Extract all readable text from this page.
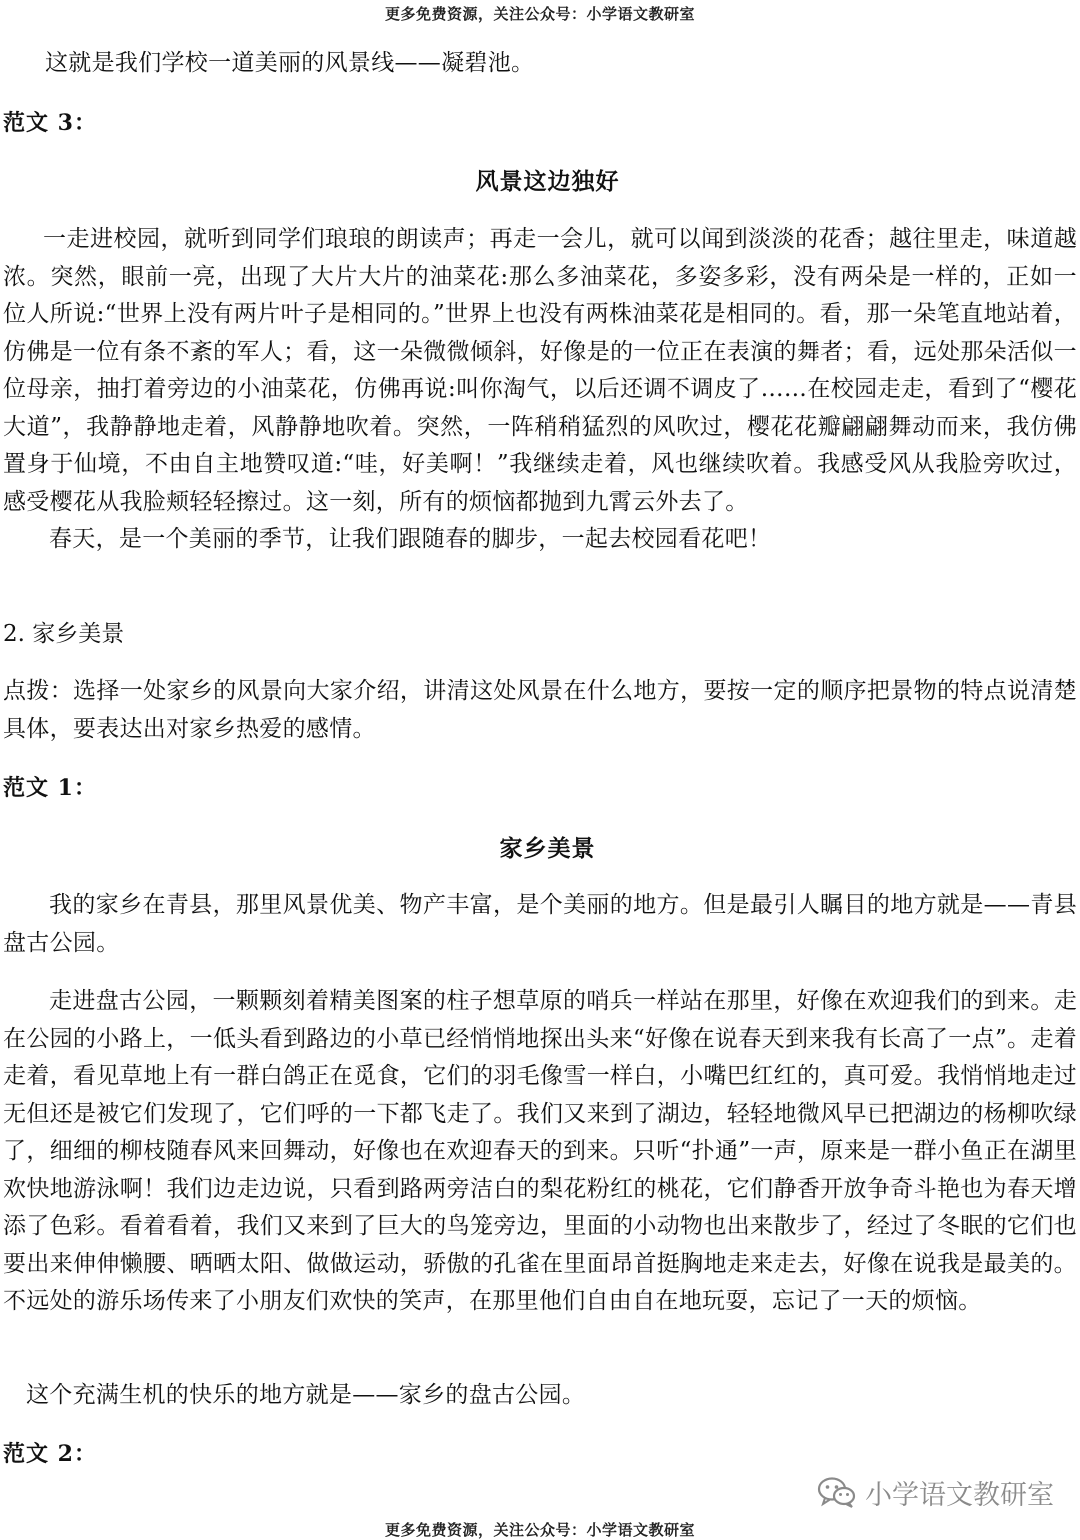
更多免费资源，关注公众号：小学语文教研室

这就是我们学校一道美丽的风景线——凝碧池。

范文 3：
风景这边独好

一走进校园，就听到同学们琅琅的朗读声；再走一会儿，就可以闻到淡淡的花香；越往里走，味道越浓。突然，眼前一亮，出现了大片大片的油菜花:那么多油菜花，多姿多彩，没有两朵是一样的，正如一位人所说:“世界上没有两片叶子是相同的。”世界上也没有两株油菜花是相同的。看，那一朵笔直地站着，仿佛是一位有条不紊的军人；看，这一朵微微倾斜，好像是的一位正在表演的舞者；看，远处那朵活似一位母亲，抽打着旁边的小油菜花，仿佛再说:叫你淘气，以后还调不调皮了……在校园走走，看到了“樱花大道”，我静静地走着，风静静地吹着。突然，一阵稍稍猛烈的风吹过，樱花花瓣翩翩舞动而来，我仿佛置身于仙境，不由自主地赞叹道:“哇，好美啊！”我继续走着，风也继续吹着。我感受风从我脸旁吹过，感受樱花从我脸颊轻轻擦过。这一刻，所有的烦恼都抛到九霄云外去了。

春天，是一个美丽的季节，让我们跟随春的脚步，一起去校园看花吧！

2. 家乡美景

点拨：选择一处家乡的风景向大家介绍，讲清这处风景在什么地方，要按一定的顺序把景物的特点说清楚具体，要表达出对家乡热爱的感情。

范文 1：
家乡美景

我的家乡在青县，那里风景优美、物产丰富，是个美丽的地方。但是最引人瞩目的地方就是——青县盘古公园。

走进盘古公园，一颗颗刻着精美图案的柱子想草原的哨兵一样站在那里，好像在欢迎我们的到来。走在公园的小路上，一低头看到路边的小草已经悄悄地探出头来“好像在说春天到来我有长高了一点”。走着走着，看见草地上有一群白鸽正在觅食，它们的羽毛像雪一样白，小嘴巴红红的，真可爱。我悄悄地走过无但还是被它们发现了，它们呼的一下都飞走了。我们又来到了湖边，轻轻地微风早已把湖边的杨柳吹绿了，细细的柳枝随春风来回舞动，好像也在欢迎春天的到来。只听“扑通”一声，原来是一群小鱼正在湖里欢快地游泳啊！我们边走边说，只看到路两旁洁白的梨花粉红的桃花，它们静香开放争奇斗艳也为春天增添了色彩。看着看着，我们又来到了巨大的鸟笼旁边，里面的小动物也出来散步了，经过了冬眠的它们也要出来伸伸懒腰、晒晒太阳、做做运动，骄傲的孔雀在里面昂首挺胸地走来走去，好像在说我是最美的。不远处的游乐场传来了小朋友们欢快的笑声，在那里他们自由自在地玩耍，忘记了一天的烦恼。

这个充满生机的快乐的地方就是——家乡的盘古公园。

范文 2：
小学语文教研室
更多免费资源，关注公众号：小学语文教研室
